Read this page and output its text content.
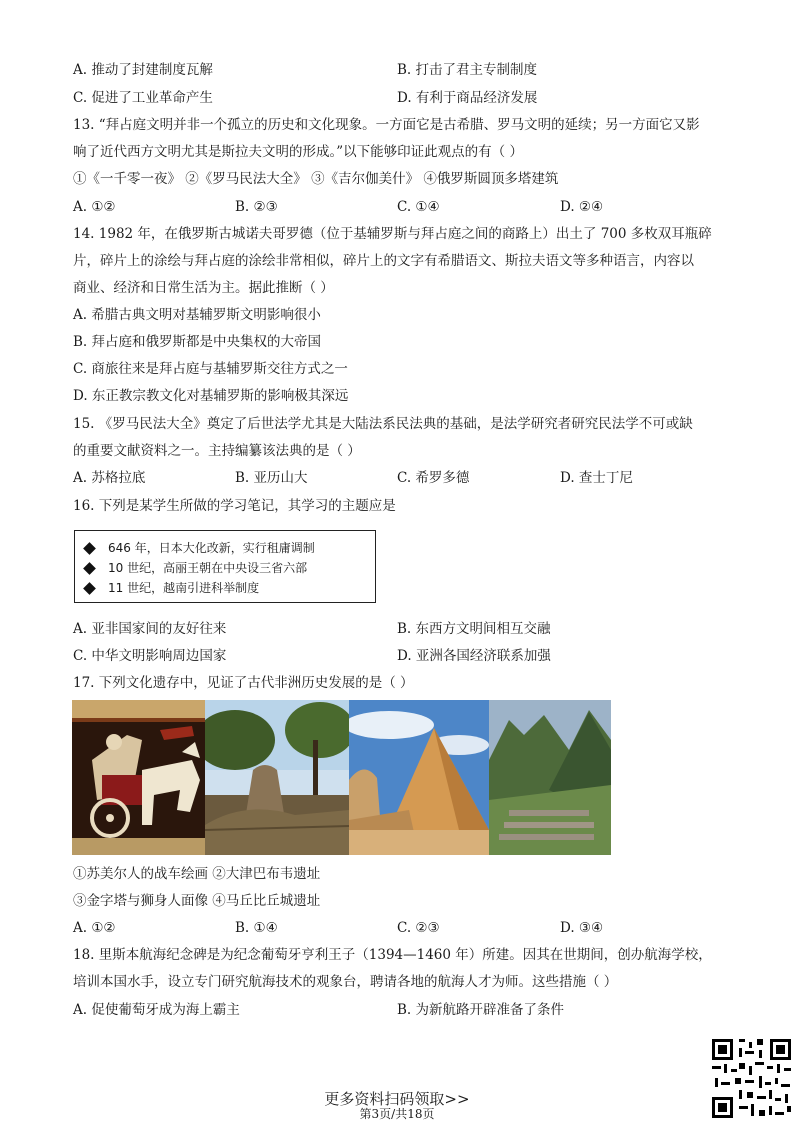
A. 推动了封建制度瓦解	B. 打击了君主专制制度
C. 促进了工业革命产生	D. 有利于商品经济发展
13. “拜占庭文明并非一个孤立的历史和文化现象。一方面它是古希腊、罗马文明的延续；另一方面它又影
响了近代西方文明尤其是斯拉夫文明的形成。”以下能够印证此观点的有（ ）
①《一千零一夜》 ②《罗马民法大全》 ③《吉尔伽美什》 ④俄罗斯圆顶多塔建筑
A. ①②	B. ②③	C. ①④	D. ②④
14. 1982 年，在俄罗斯古城诺夫哥罗德（位于基辅罗斯与拜占庭之间的商路上）出土了 700 多枚双耳瓶碎
片，碎片上的涂绘与拜占庭的涂绘非常相似，碎片上的文字有希腊语文、斯拉夫语文等多种语言，内容以
商业、经济和日常生活为主。据此推断（ ）
A. 希腊古典文明对基辅罗斯文明影响很小
B. 拜占庭和俄罗斯都是中央集权的大帝国
C. 商旅往来是拜占庭与基辅罗斯交往方式之一
D. 东正教宗教文化对基辅罗斯的影响极其深远
15. 《罗马民法大全》奠定了后世法学尤其是大陆法系民法典的基础，是法学研究者研究民法学不可或缺
的重要文献资料之一。主持编纂该法典的是（ ）
A. 苏格拉底	B. 亚历山大	C. 希罗多德	D. 查士丁尼
16. 下列是某学生所做的学习笔记，其学习的主题应是
646 年，日本大化改新，实行租庸调制
10 世纪，高丽王朝在中央设三省六部
11 世纪，越南引进科举制度
A. 亚非国家间的友好往来	B. 东西方文明间相互交融
C. 中华文明影响周边国家	D. 亚洲各国经济联系加强
17. 下列文化遗存中，见证了古代非洲历史发展的是（ ）
①苏美尔人的战车绘画 ②大津巴布韦遗址
③金字塔与狮身人面像 ④马丘比丘城遗址
A. ①②	B. ①④	C. ②③	D. ③④
18. 里斯本航海纪念碑是为纪念葡萄牙亨利王子（1394—1460 年）所建。因其在世期间，创办航海学校，
培训本国水手，设立专门研究航海技术的观象台，聘请各地的航海人才为师。这些措施（ ）
A. 促使葡萄牙成为海上霸主	B. 为新航路开辟准备了条件
更多资料扫码领取>>
第3页/共18页
